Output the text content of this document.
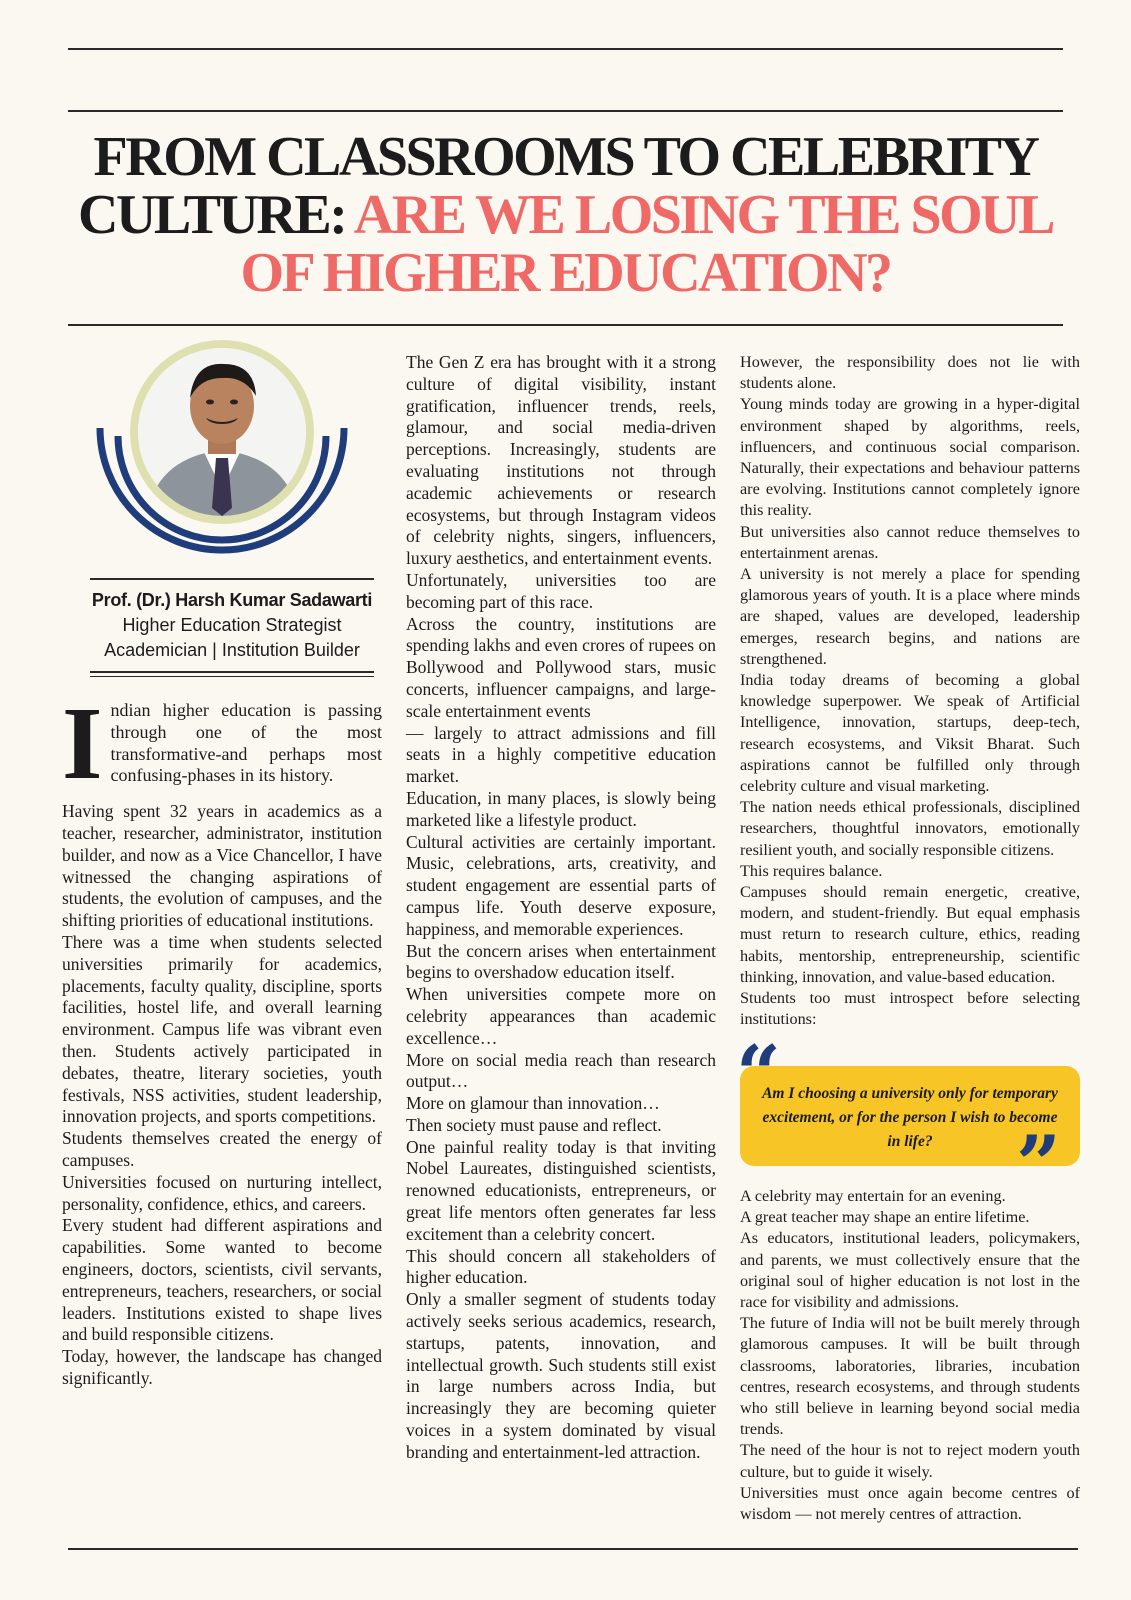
FROM CLASSROOMS TO CELEBRITY
CULTURE: ARE WE LOSING THE SOUL
OF HIGHER EDUCATION?
Prof. (Dr.) Harsh Kumar Sadawarti
Higher Education Strategist
Academician | Institution Builder

Indian higher education is passing through one of the most transformative-and perhaps most confusing-phases in its history.

Having spent 32 years in academics as a teacher, researcher, administrator, institution builder, and now as a Vice Chancellor, I have witnessed the changing aspirations of students, the evolution of campuses, and the shifting priorities of educational institutions.

There was a time when students selected universities primarily for academics, placements, faculty quality, discipline, sports facilities, hostel life, and overall learning environment. Campus life was vibrant even then. Students actively participated in debates, theatre, literary societies, youth festivals, NSS activities, student leadership, innovation projects, and sports competitions.

Students themselves created the energy of campuses.

Universities focused on nurturing intellect, personality, confidence, ethics, and careers.

Every student had different aspirations and capabilities. Some wanted to become engineers, doctors, scientists, civil servants, entrepreneurs, teachers, researchers, or social leaders. Institutions existed to shape lives and build responsible citizens.

Today, however, the landscape has changed significantly.

The Gen Z era has brought with it a strong culture of digital visibility, instant gratification, influencer trends, reels, glamour, and social media-driven perceptions. Increasingly, students are evaluating institutions not through academic achievements or research ecosystems, but through Instagram videos of celebrity nights, singers, influencers, luxury aesthetics, and entertainment events.

Unfortunately, universities too are becoming part of this race.

Across the country, institutions are spending lakhs and even crores of rupees on Bollywood and Pollywood stars, music concerts, influencer campaigns, and large-scale entertainment events

— largely to attract admissions and fill seats in a highly competitive education market.

Education, in many places, is slowly being marketed like a lifestyle product.

Cultural activities are certainly important. Music, celebrations, arts, creativity, and student engagement are essential parts of campus life. Youth deserve exposure, happiness, and memorable experiences.

But the concern arises when entertainment begins to overshadow education itself.

When universities compete more on celebrity appearances than academic excellence…

More on social media reach than research output…

More on glamour than innovation…

Then society must pause and reflect.

One painful reality today is that inviting Nobel Laureates, distinguished scientists, renowned educationists, entrepreneurs, or great life mentors often generates far less excitement than a celebrity concert.

This should concern all stakeholders of higher education.

Only a smaller segment of students today actively seeks serious academics, research, startups, patents, innovation, and intellectual growth. Such students still exist in large numbers across India, but increasingly they are becoming quieter voices in a system dominated by visual branding and entertainment-led attraction.

However, the responsibility does not lie with students alone.

Young minds today are growing in a hyper-digital environment shaped by algorithms, reels, influencers, and continuous social comparison. Naturally, their expectations and behaviour patterns are evolving. Institutions cannot completely ignore this reality.

But universities also cannot reduce themselves to entertainment arenas.

A university is not merely a place for spending glamorous years of youth. It is a place where minds are shaped, values are developed, leadership emerges, research begins, and nations are strengthened.

India today dreams of becoming a global knowledge superpower. We speak of Artificial Intelligence, innovation, startups, deep-tech, research ecosystems, and Viksit Bharat. Such aspirations cannot be fulfilled only through celebrity culture and visual marketing.

The nation needs ethical professionals, disciplined researchers, thoughtful innovators, emotionally resilient youth, and socially responsible citizens.

This requires balance.

Campuses should remain energetic, creative, modern, and student-friendly. But equal emphasis must return to research culture, ethics, reading habits, mentorship, entrepreneurship, scientific thinking, innovation, and value-based education.

Students too must introspect before selecting institutions:

“
”
Am I choosing a university only for temporary excitement, or for the person I wish to become in life?

A celebrity may entertain for an evening.

A great teacher may shape an entire lifetime.

As educators, institutional leaders, policymakers, and parents, we must collectively ensure that the original soul of higher education is not lost in the race for visibility and admissions.

The future of India will not be built merely through glamorous campuses. It will be built through classrooms, laboratories, libraries, incubation centres, research ecosystems, and through students who still believe in learning beyond social media trends.

The need of the hour is not to reject modern youth culture, but to guide it wisely.

Universities must once again become centres of wisdom — not merely centres of attraction.
